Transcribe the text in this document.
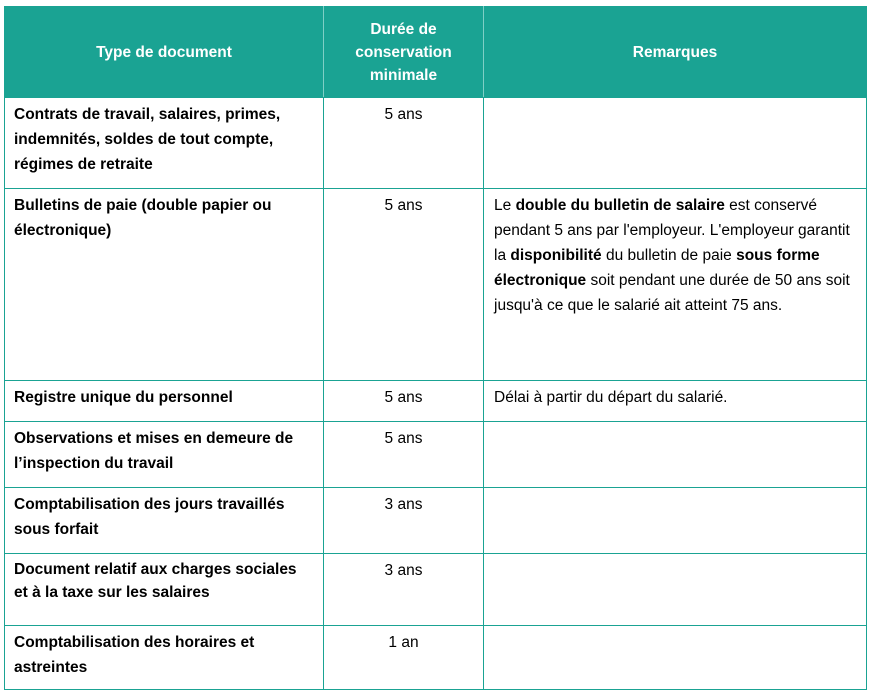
Type de document	Durée de conservation minimale	Remarques
Contrats de travail, salaires, primes, indemnités, soldes de tout compte, régimes de retraite	5 ans	
Bulletins de paie (double papier ou électronique)	5 ans	Le double du bulletin de salaire est conservé pendant 5 ans par l'employeur. L'employeur garantit la disponibilité du bulletin de paie sous forme électronique soit pendant une durée de 50 ans soit jusqu'à ce que le salarié ait atteint 75 ans.
Registre unique du personnel	5 ans	Délai à partir du départ du salarié.
Observations et mises en demeure de l’inspection du travail	5 ans	
Comptabilisation des jours travaillés sous forfait	3 ans	

Document relatif aux charges sociales et à la taxe sur les salaires	3 ans	
Comptabilisation des horaires et astreintes	1 an	
